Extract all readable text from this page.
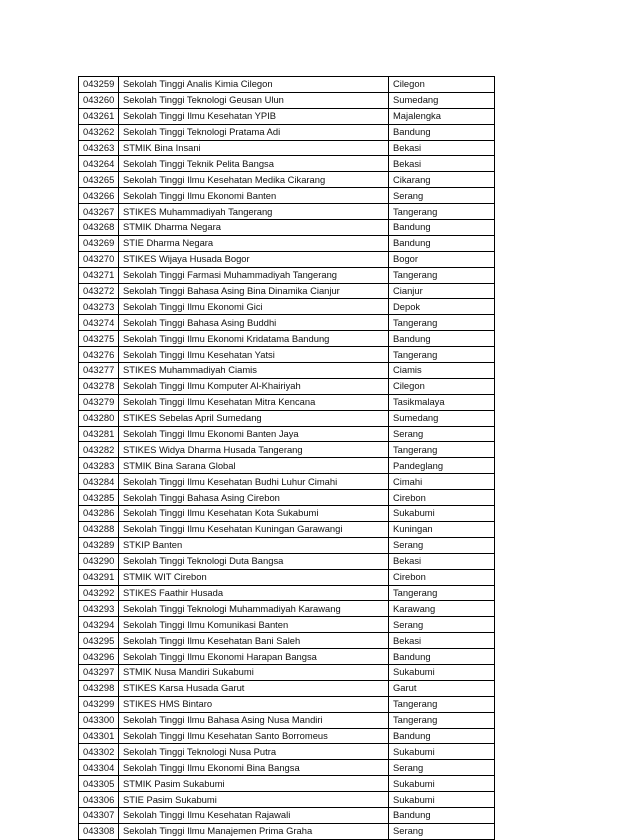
043259	Sekolah Tinggi Analis Kimia Cilegon	Cilegon
043260	Sekolah Tinggi Teknologi Geusan Ulun	Sumedang
043261	Sekolah Tinggi Ilmu Kesehatan YPIB	Majalengka
043262	Sekolah Tinggi Teknologi Pratama Adi	Bandung
043263	STMIK Bina Insani	Bekasi
043264	Sekolah Tinggi Teknik Pelita Bangsa	Bekasi
043265	Sekolah Tinggi Ilmu Kesehatan Medika Cikarang	Cikarang
043266	Sekolah Tinggi Ilmu Ekonomi Banten	Serang
043267	STIKES Muhammadiyah Tangerang	Tangerang
043268	STMIK Dharma Negara	Bandung
043269	STIE Dharma Negara	Bandung
043270	STIKES Wijaya Husada Bogor	Bogor
043271	Sekolah Tinggi Farmasi Muhammadiyah Tangerang	Tangerang
043272	Sekolah Tinggi Bahasa Asing Bina Dinamika Cianjur	Cianjur
043273	Sekolah Tinggi Ilmu Ekonomi Gici	Depok
043274	Sekolah Tinggi Bahasa Asing Buddhi	Tangerang
043275	Sekolah Tinggi Ilmu Ekonomi Kridatama Bandung	Bandung
043276	Sekolah Tinggi Ilmu Kesehatan Yatsi	Tangerang
043277	STIKES Muhammadiyah Ciamis	Ciamis
043278	Sekolah Tinggi Ilmu Komputer Al-Khairiyah	Cilegon
043279	Sekolah Tinggi Ilmu Kesehatan Mitra Kencana	Tasikmalaya
043280	STIKES Sebelas April Sumedang	Sumedang
043281	Sekolah Tinggi Ilmu Ekonomi Banten Jaya	Serang
043282	STIKES Widya Dharma Husada Tangerang	Tangerang
043283	STMIK Bina Sarana Global	Pandeglang
043284	Sekolah Tinggi Ilmu Kesehatan Budhi Luhur Cimahi	Cimahi
043285	Sekolah Tinggi Bahasa Asing Cirebon	Cirebon
043286	Sekolah Tinggi Ilmu Kesehatan Kota Sukabumi	Sukabumi
043288	Sekolah Tinggi Ilmu Kesehatan Kuningan Garawangi	Kuningan
043289	STKIP Banten	Serang
043290	Sekolah Tinggi Teknologi Duta Bangsa	Bekasi
043291	STMIK WIT Cirebon	Cirebon
043292	STIKES Faathir Husada	Tangerang
043293	Sekolah Tinggi Teknologi Muhammadiyah Karawang	Karawang
043294	Sekolah Tinggi Ilmu Komunikasi Banten	Serang
043295	Sekolah Tinggi Ilmu Kesehatan Bani Saleh	Bekasi
043296	Sekolah Tinggi Ilmu Ekonomi Harapan Bangsa	Bandung
043297	STMIK Nusa Mandiri Sukabumi	Sukabumi
043298	STIKES Karsa Husada Garut	Garut
043299	STIKES HMS Bintaro	Tangerang
043300	Sekolah Tinggi Ilmu Bahasa Asing Nusa Mandiri	Tangerang
043301	Sekolah Tinggi Ilmu Kesehatan Santo Borromeus	Bandung
043302	Sekolah Tinggi Teknologi Nusa Putra	Sukabumi
043304	Sekolah Tinggi Ilmu Ekonomi Bina Bangsa	Serang
043305	STMIK Pasim Sukabumi	Sukabumi
043306	STIE Pasim Sukabumi	Sukabumi
043307	Sekolah Tinggi Ilmu Kesehatan Rajawali	Bandung
043308	Sekolah Tinggi Ilmu Manajemen Prima Graha	Serang
